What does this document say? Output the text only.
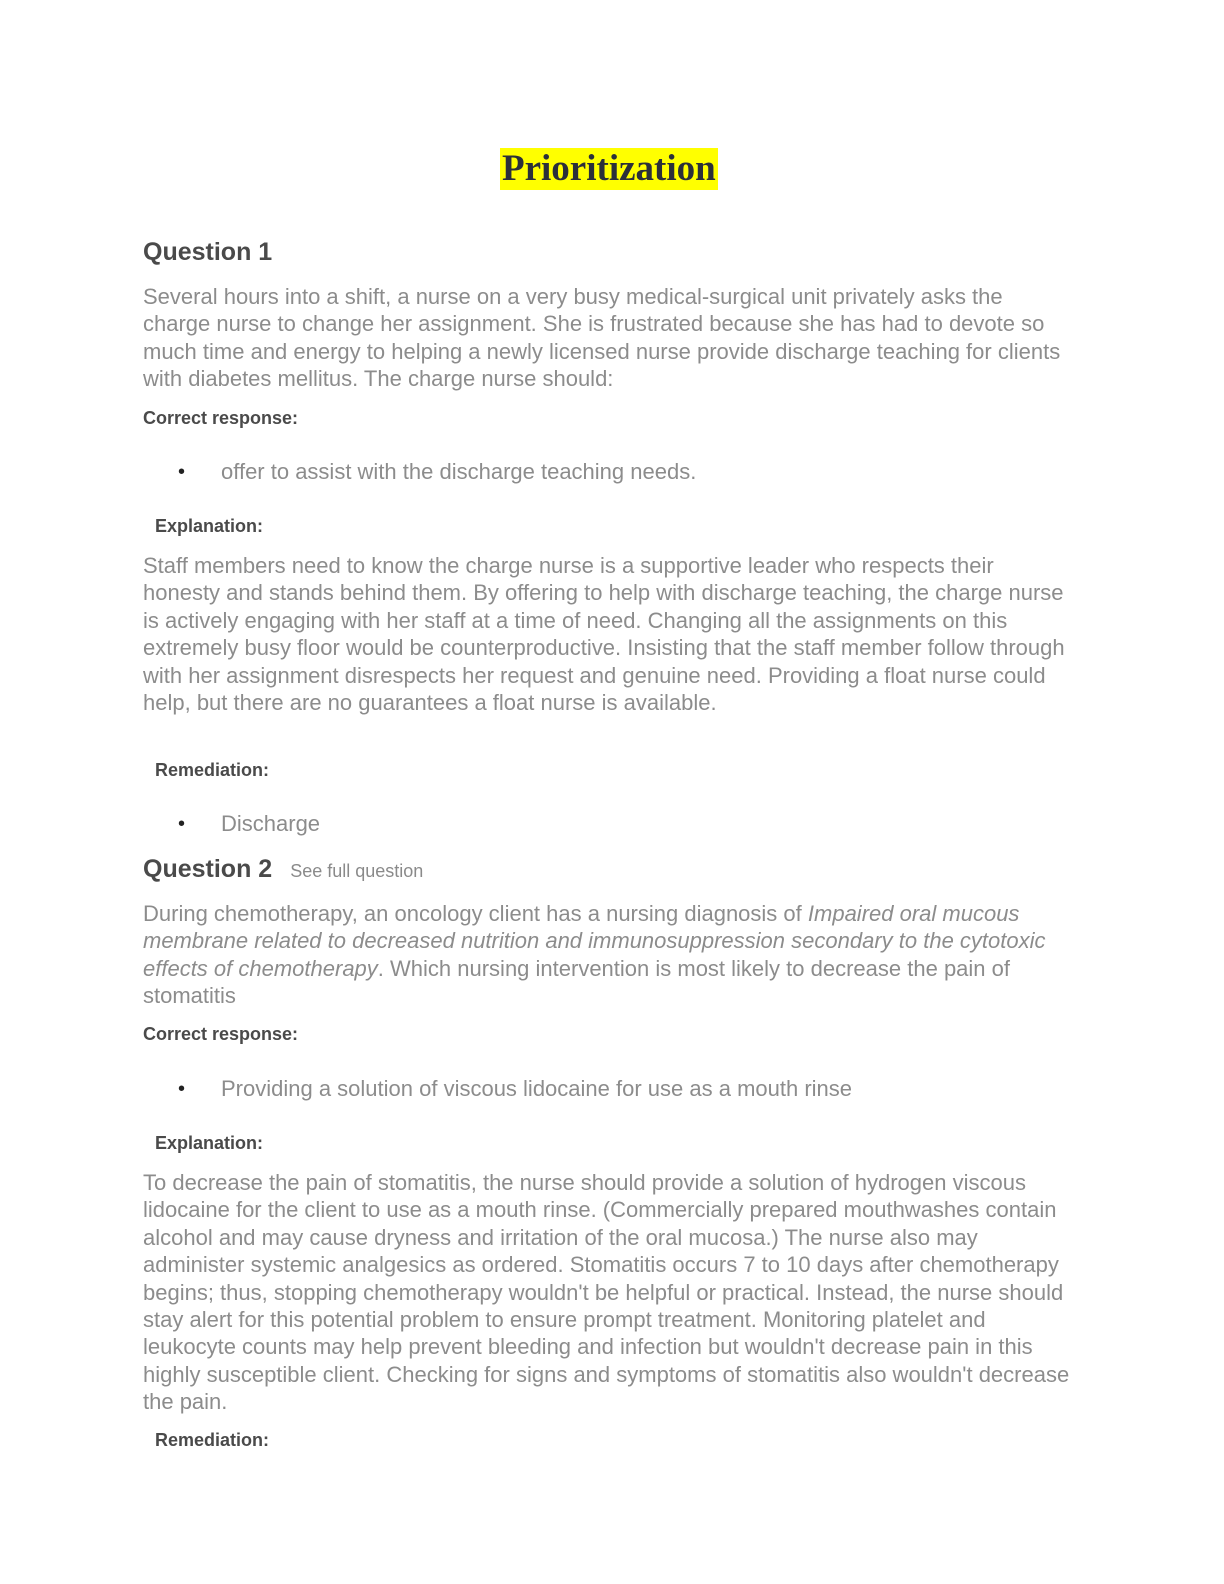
Prioritization
Question 1

Several hours into a shift, a nurse on a very busy medical-surgical unit privately asks the charge nurse to change her assignment. She is frustrated because she has had to devote so much time and energy to helping a newly licensed nurse provide discharge teaching for clients with diabetes mellitus. The charge nurse should:

Correct response:
• offer to assist with the discharge teaching needs.
Explanation:

Staff members need to know the charge nurse is a supportive leader who respects their honesty and stands behind them. By offering to help with discharge teaching, the charge nurse is actively engaging with her staff at a time of need. Changing all the assignments on this extremely busy floor would be counterproductive. Insisting that the staff member follow through with her assignment disrespects her request and genuine need. Providing a float nurse could help, but there are no guarantees a float nurse is available.

Remediation:
• Discharge
Question 2 See full question

During chemotherapy, an oncology client has a nursing diagnosis of Impaired oral mucous membrane related to decreased nutrition and immunosuppression secondary to the cytotoxic effects of chemotherapy. Which nursing intervention is most likely to decrease the pain of stomatitis

Correct response:
• Providing a solution of viscous lidocaine for use as a mouth rinse
Explanation:

To decrease the pain of stomatitis, the nurse should provide a solution of hydrogen viscous lidocaine for the client to use as a mouth rinse. (Commercially prepared mouthwashes contain alcohol and may cause dryness and irritation of the oral mucosa.) The nurse also may administer systemic analgesics as ordered. Stomatitis occurs 7 to 10 days after chemotherapy begins; thus, stopping chemotherapy wouldn't be helpful or practical. Instead, the nurse should stay alert for this potential problem to ensure prompt treatment. Monitoring platelet and leukocyte counts may help prevent bleeding and infection but wouldn't decrease pain in this highly susceptible client. Checking for signs and symptoms of stomatitis also wouldn't decrease the pain.

Remediation:
